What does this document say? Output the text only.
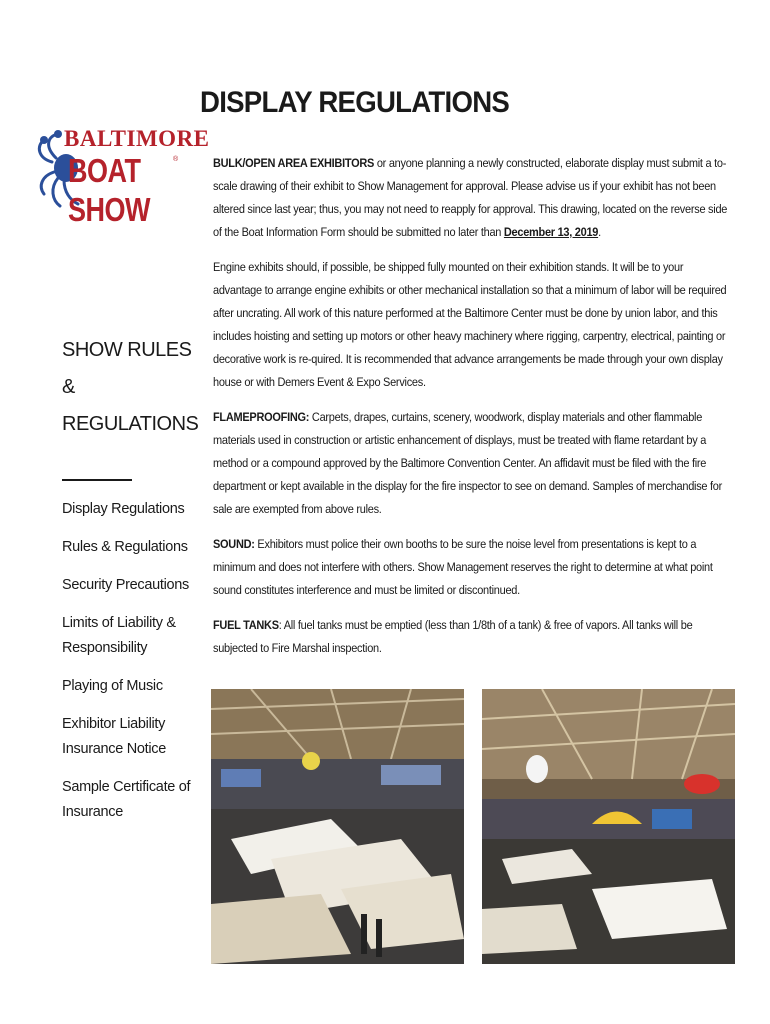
BALTIMORE
BOAT SHOW
®
DISPLAY REGULATIONS
SHOW RULES
&
REGULATIONS
Display Regulations
Rules & Regulations
Security Precautions
Limits of Liability &
Responsibility
Playing of Music
Exhibitor Liability
Insurance Notice
Sample Certificate of
Insurance

BULK/OPEN AREA EXHIBITORS or anyone planning a newly constructed, elaborate display must submit a to-scale drawing of their exhibit to Show Management for approval. Please advise us if your exhibit has not been altered since last year; thus, you may not need to reapply for approval. This drawing, located on the reverse side of the Boat Information Form should be submitted no later than December 13, 2019.

Engine exhibits should, if possible, be shipped fully mounted on their exhibition stands. It will be to your advantage to arrange engine exhibits or other mechanical installation so that a minimum of labor will be required after uncrating. All work of this nature performed at the Baltimore Center must be done by union labor, and this includes hoisting and setting up motors or other heavy machinery where rigging, carpentry, electrical, painting or decorative work is re-quired. It is recommended that advance arrangements be made through your own display house or with Demers Event & Expo Services.

FLAMEPROOFING: Carpets, drapes, curtains, scenery, woodwork, display materials and other flammable materials used in construction or artistic enhancement of displays, must be treated with flame retardant by a method or a compound approved by the Baltimore Convention Center. An affidavit must be filed with the fire department or kept available in the display for the fire inspector to see on demand. Samples of merchandise for sale are exempted from above rules.

SOUND: Exhibitors must police their own booths to be sure the noise level from presentations is kept to a minimum and does not interfere with others. Show Management reserves the right to determine at what point sound constitutes interference and must be limited or discontinued.

FUEL TANKS: All fuel tanks must be emptied (less than 1/8th of a tank) & free of vapors. All tanks will be subjected to Fire Marshal inspection.
